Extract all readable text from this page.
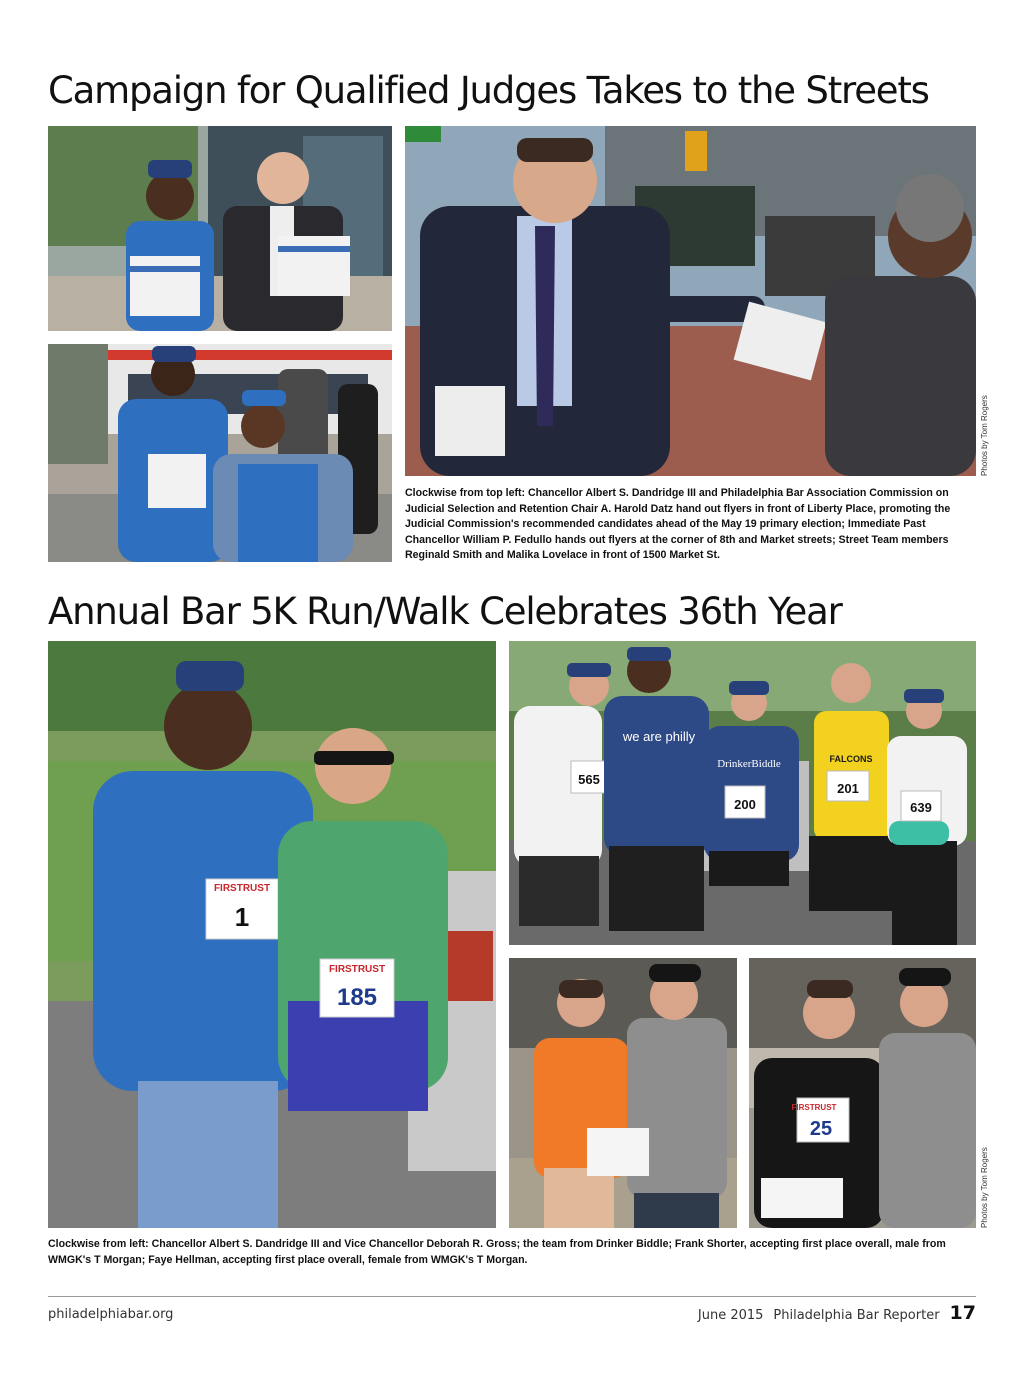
Campaign for Qualified Judges Takes to the Streets
Photos by Tom Rogers

Clockwise from top left: Chancellor Albert S. Dandridge III and Philadelphia Bar Association Commission on Judicial Selection and Retention Chair A. Harold Datz hand out flyers in front of Liberty Place, promoting the Judicial Commission's recommended candidates ahead of the May 19 primary election; Immediate Past Chancellor William P. Fedullo hands out flyers at the corner of 8th and Market streets; Street Team members Reginald Smith and Malika Lovelace in front of 1500 Market St.

Annual Bar 5K Run/Walk Celebrates 36th Year
FIRSTRUST
1
FIRSTRUST
185
565
we are philly
DrinkerBiddle
200
FALCONS
201
639
FIRSTRUST
25
Photos by Tom Rogers

Clockwise from left: Chancellor Albert S. Dandridge III and Vice Chancellor Deborah R. Gross; the team from Drinker Biddle; Frank Shorter, accepting first place overall, male from WMGK's T Morgan; Faye Hellman, accepting first place overall, female from WMGK's T Morgan.

philadelphiabar.org	June 2015 Philadelphia Bar Reporter 17
